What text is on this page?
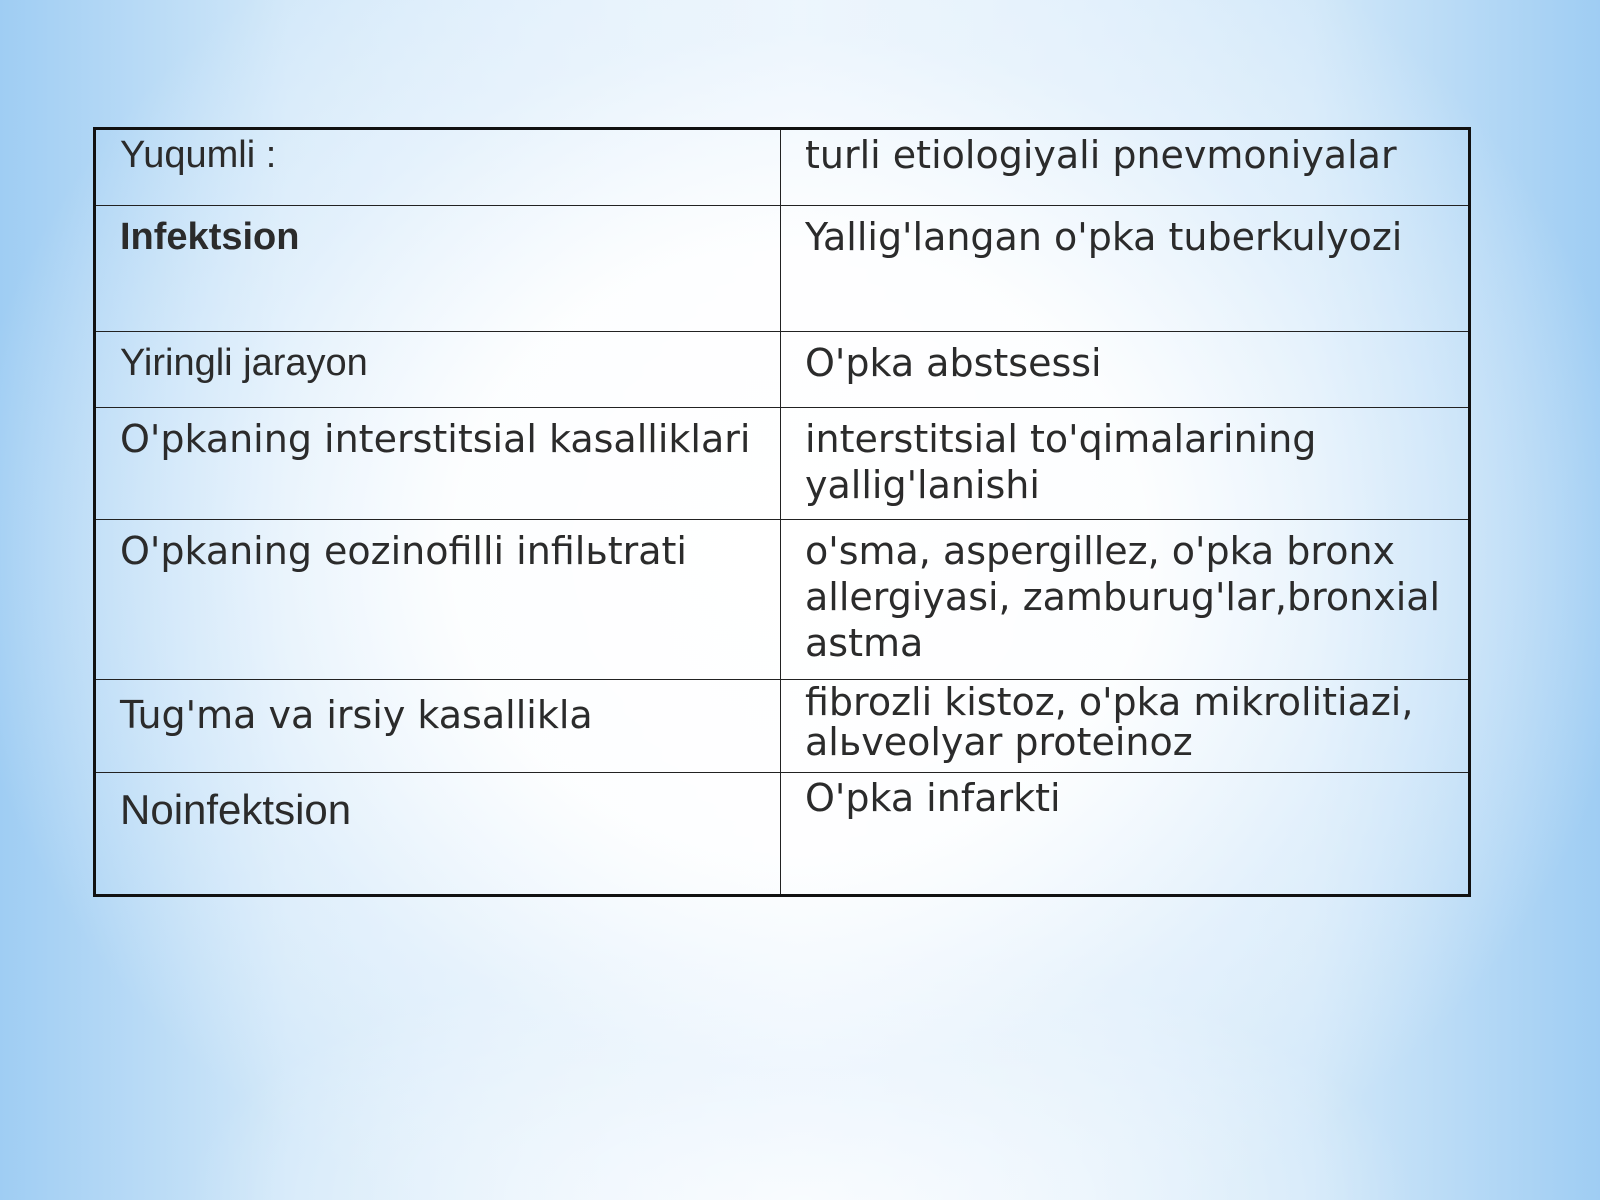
Yuqumli :	turli etiologiyali pnevmoniyalar
Infektsion	Yallig'langan o'pka tuberkulyozi
Yiringli jarayon	O'pka abstsessi
O'pkaning interstitsial kasalliklari	interstitsial to'qimalarining yallig'lanishi
O'pkaning eozinofilli infilьtrati	o'sma, aspergillez, o'pka bronx allergiyasi, zamburug'lar,bronxial astma
Tug'ma va irsiy kasallikla	fibrozli kistoz, o'pka mikrolitiazi, alьveolyar proteinoz
Noinfektsion	O'pka infarkti
